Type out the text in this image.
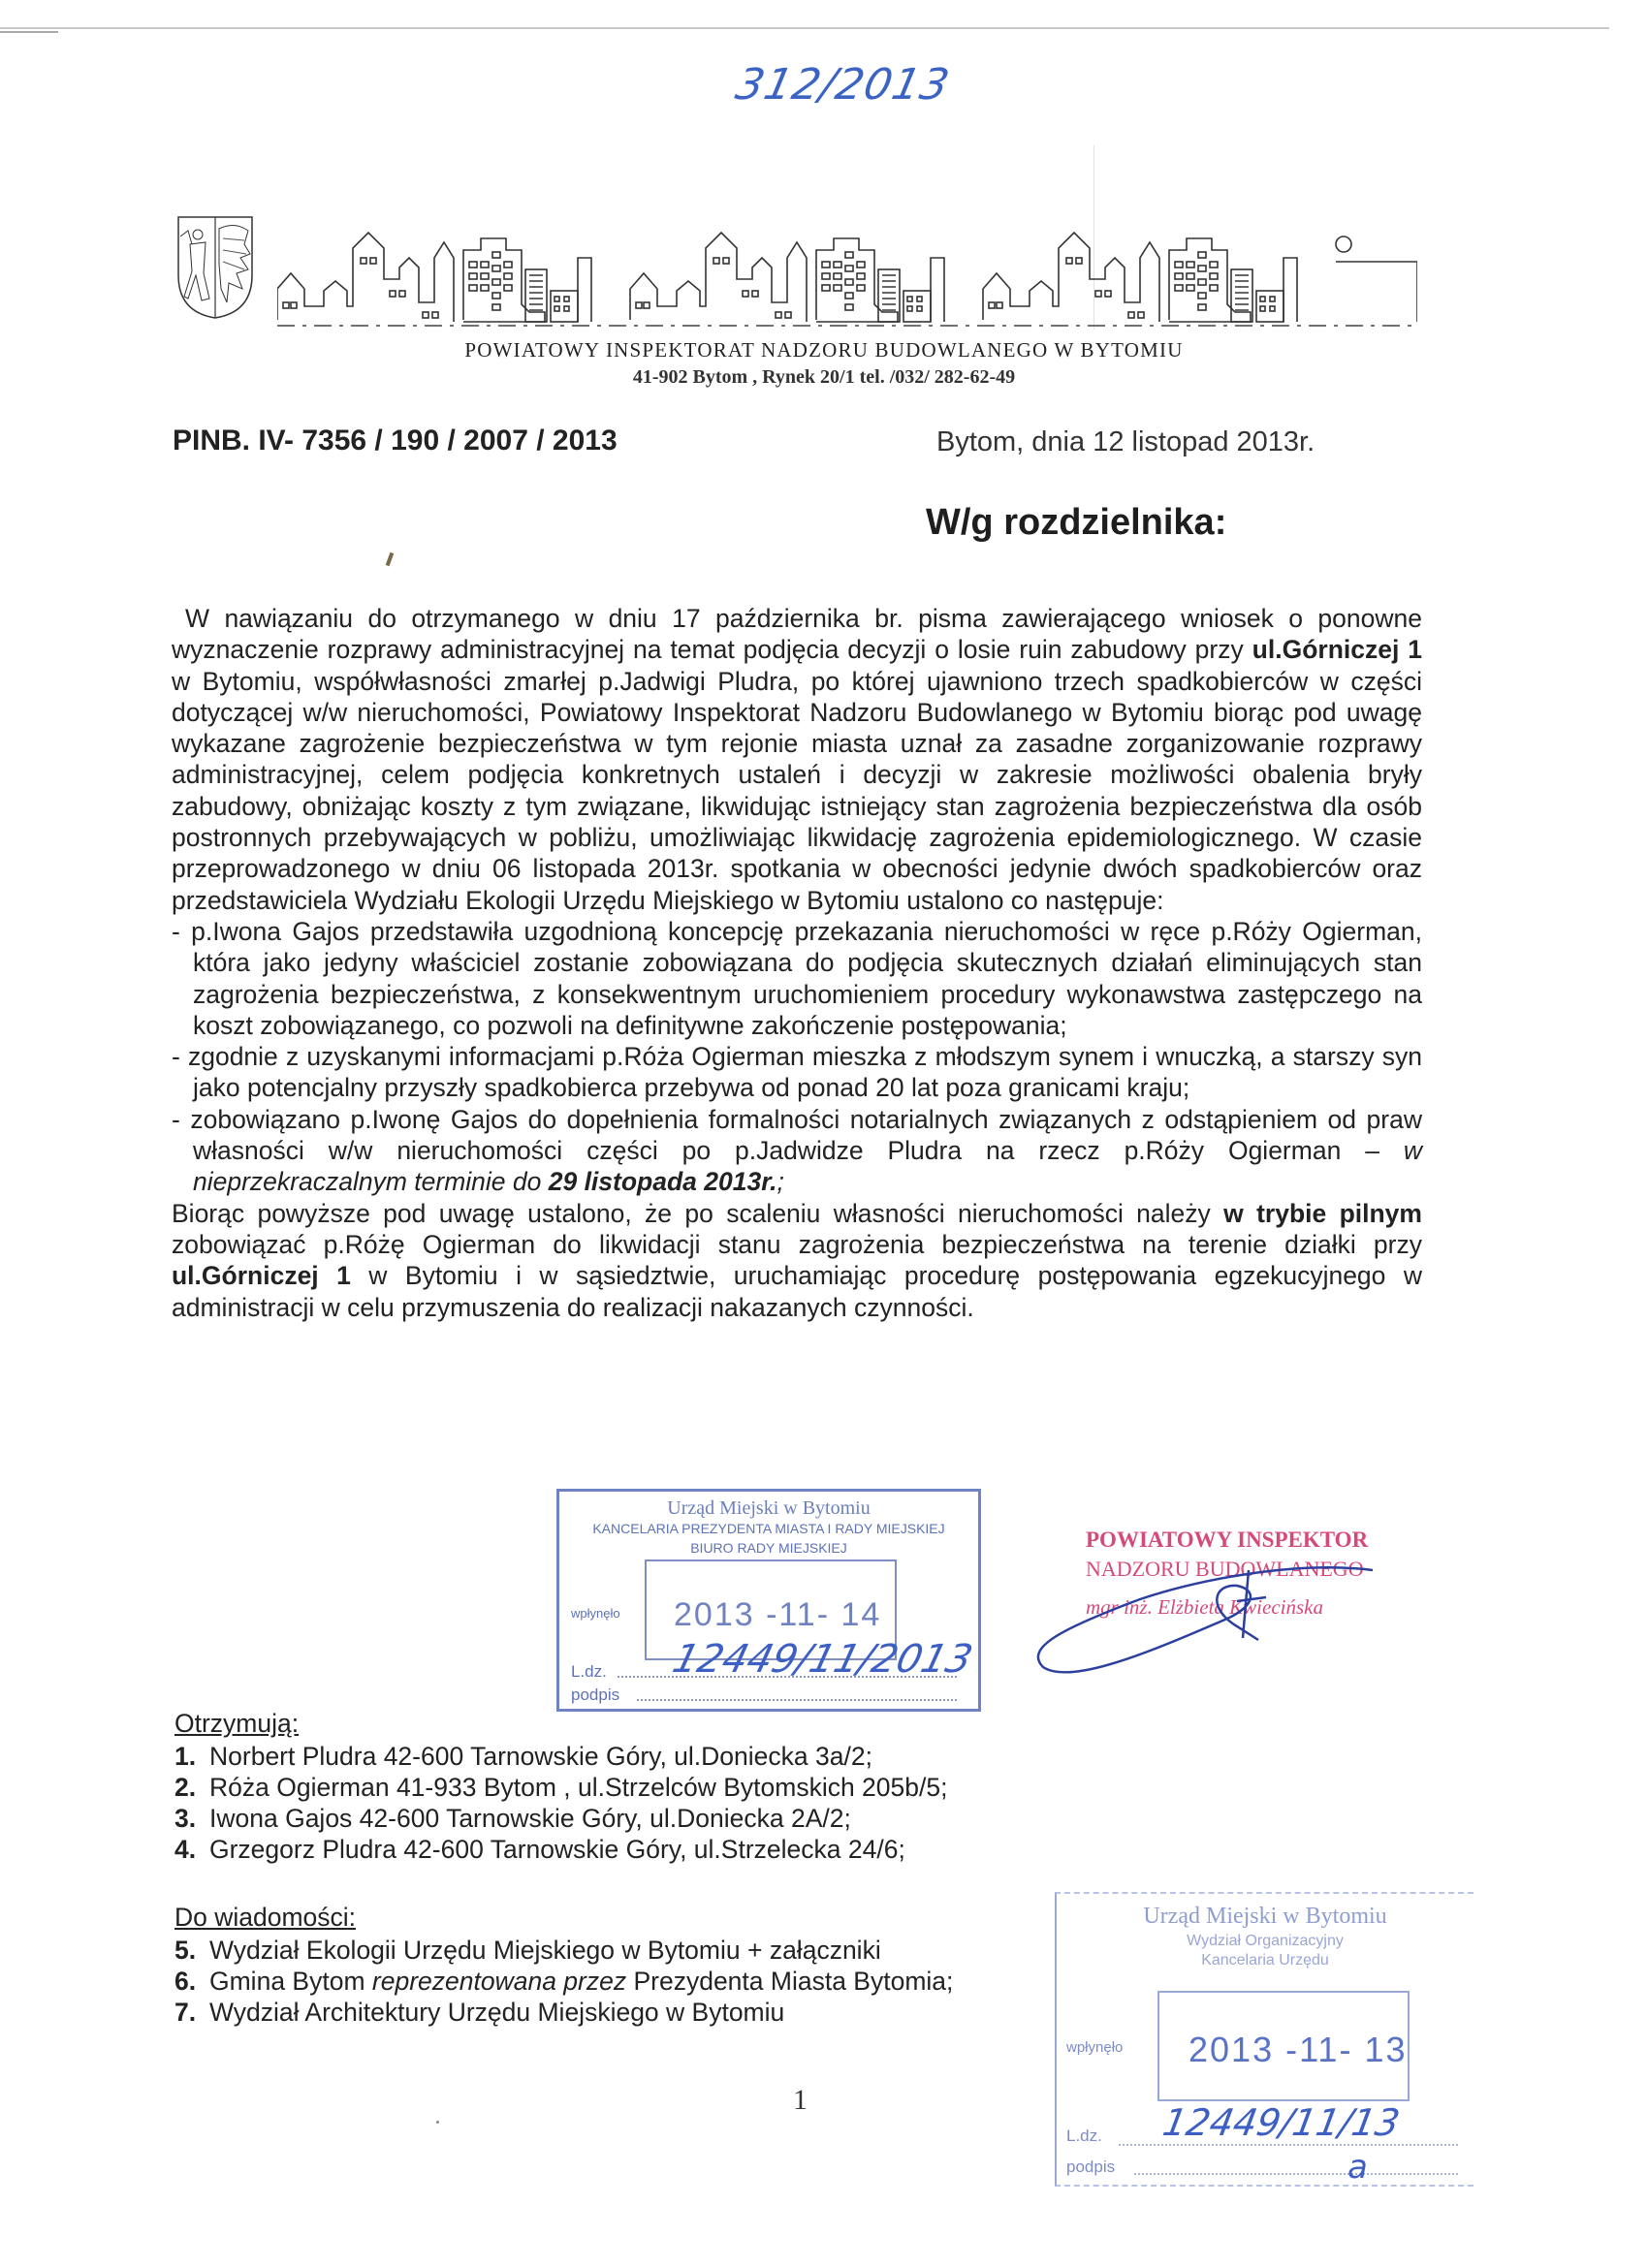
312/2013
POWIATOWY INSPEKTORAT NADZORU BUDOWLANEGO W BYTOMIU
41-902 Bytom , Rynek 20/1 tel. /032/ 282-62-49
PINB. IV- 7356 / 190 / 2007 / 2013	Bytom, dnia 12 listopad 2013r.
W/g rozdzielnika:

W nawiązaniu do otrzymanego w dniu 17 października br. pisma zawierającego wniosek o ponowne wyznaczenie rozprawy administracyjnej na temat podjęcia decyzji o losie ruin zabudowy przy ul.Górniczej 1 w Bytomiu, współwłasności zmarłej p.Jadwigi Pludra, po której ujawniono trzech spadkobierców w części dotyczącej w/w nieruchomości, Powiatowy Inspektorat Nadzoru Budowlanego w Bytomiu biorąc pod uwagę wykazane zagrożenie bezpieczeństwa w tym rejonie miasta uznał za zasadne zorganizowanie rozprawy administracyjnej, celem podjęcia konkretnych ustaleń i decyzji w zakresie możliwości obalenia bryły zabudowy, obniżając koszty z tym związane, likwidując istniejący stan zagrożenia bezpieczeństwa dla osób postronnych przebywających w pobliżu, umożliwiając likwidację zagrożenia epidemiologicznego. W czasie przeprowadzonego w dniu 06 listopada 2013r. spotkania w obecności jedynie dwóch spadkobierców oraz przedstawiciela Wydziału Ekologii Urzędu Miejskiego w Bytomiu ustalono co następuje:

- p.Iwona Gajos przedstawiła uzgodnioną koncepcję przekazania nieruchomości w ręce p.Róży Ogierman, która jako jedyny właściciel zostanie zobowiązana do podjęcia skutecznych działań eliminujących stan zagrożenia bezpieczeństwa, z konsekwentnym uruchomieniem procedury wykonawstwa zastępczego na koszt zobowiązanego, co pozwoli na definitywne zakończenie postępowania;
- zgodnie z uzyskanymi informacjami p.Róża Ogierman mieszka z młodszym synem i wnuczką, a starszy syn jako potencjalny przyszły spadkobierca przebywa od ponad 20 lat poza granicami kraju;
- zobowiązano p.Iwonę Gajos do dopełnienia formalności notarialnych związanych z odstąpieniem od praw własności w/w nieruchomości części po p.Jadwidze Pludra na rzecz p.Róży Ogierman – w nieprzekraczalnym terminie do 29 listopada 2013r.;

Biorąc powyższe pod uwagę ustalono, że po scaleniu własności nieruchomości należy w trybie pilnym zobowiązać p.Różę Ogierman do likwidacji stanu zagrożenia bezpieczeństwa na terenie działki przy ul.Górniczej 1 w Bytomiu i w sąsiedztwie, uruchamiając procedurę postępowania egzekucyjnego w administracji w celu przymuszenia do realizacji nakazanych czynności.

Urząd Miejski w Bytomiu
KANCELARIA PREZYDENTA MIASTA I RADY MIEJSKIEJ
BIURO RADY MIEJSKIEJ
wpłynęło 2013 -11- 14
L.dz. 12449/11/2013
podpis
POWIATOWY INSPEKTOR
NADZORU BUDOWLANEGO
mgr inż. Elżbieta Kwiecińska
Otrzymują:
1. Norbert Pludra 42-600 Tarnowskie Góry, ul.Doniecka 3a/2;
2. Róża Ogierman 41-933 Bytom , ul.Strzelców Bytomskich 205b/5;
3. Iwona Gajos 42-600 Tarnowskie Góry, ul.Doniecka 2A/2;
4. Grzegorz Pludra 42-600 Tarnowskie Góry, ul.Strzelecka 24/6;
Do wiadomości:
5. Wydział Ekologii Urzędu Miejskiego w Bytomiu + załączniki
6. Gmina Bytom reprezentowana przez Prezydenta Miasta Bytomia;
7. Wydział Architektury Urzędu Miejskiego w Bytomiu
1
Urząd Miejski w Bytomiu
Wydział Organizacyjny
Kancelaria Urzędu
wpłynęło 2013 -11- 13
L.dz. 12449/11/13
podpis	a
